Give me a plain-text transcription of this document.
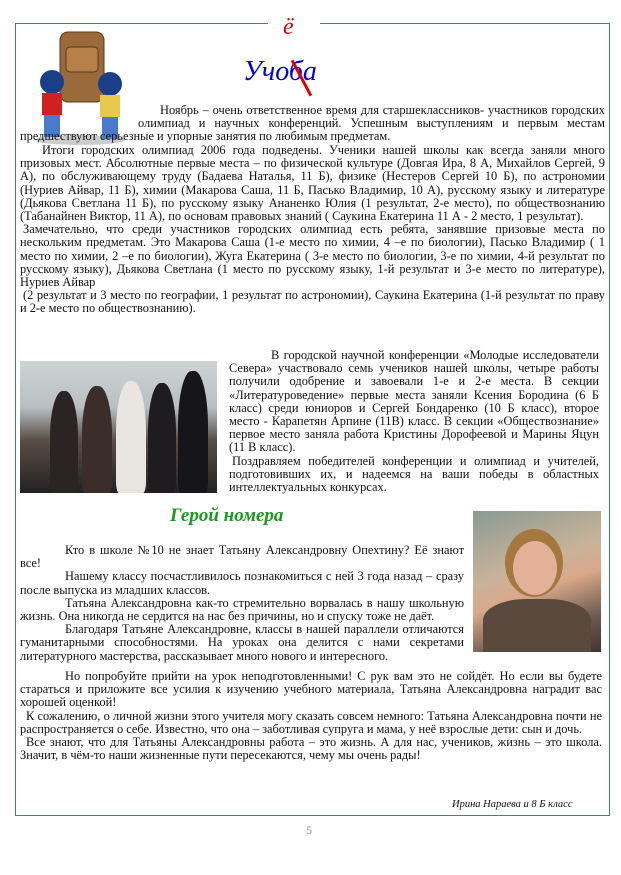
ё
Учоба

Ноябрь – очень ответственное время для старшеклассников- участников городских олимпиад и научных конференций. Успешным выступлениям и первым местам предшествуют серьезные и упорные занятия по любимым предметам.

Итоги городских олимпиад 2006 года подведены. Ученики нашей школы как всегда заняли много призовых мест. Абсолютные первые места – по физической культуре (Довгая Ира, 8 А, Михайлов Сергей, 9 А), по обслуживающему труду (Бадаева Наталья, 11 Б), физике (Нестеров Сергей 10 Б), по астрономии (Нуриев Айвар, 11 Б), химии (Макарова Саша, 11 Б, Пасько Владимир, 10 А), русскому языку и литературе (Дьякова Светлана 11 Б), по русскому языку Ананенко Юлия (1 результат, 2-е место), по обществознанию (Табанайнен Виктор, 11 А), по основам правовых знаний ( Саукина Екатерина 11 А - 2 место, 1 результат).

Замечательно, что среди участников городских олимпиад есть ребята, занявшие призовые места по нескольким предметам. Это Макарова Саша (1-е место по химии, 4 –е по биологии), Пасько Владимир ( 1 место по химии, 2 –е по биологии), Жуга Екатерина ( 3-е место по биологии, 3-е по химии, 4-й результат по русскому языку), Дьякова Светлана (1 место по русскому языку, 1-й результат и 3-е место по литературе), Нуриев Айвар

(2 результат и 3 место по географии, 1 результат по астрономии), Саукина Екатерина (1-й результат по праву и 2-е место по обществознанию).

В городской научной конференции «Молодые исследователи Севера» участвовало семь учеников нашей школы, четыре работы получили одобрение и завоевали 1-е и 2-е места. В секции «Литературоведение» первые места заняли Ксения Бородина (6 Б класс) среди юниоров и Сергей Бондаренко (10 Б класс), второе место - Карапетян Арпине (11В) класс. В секции «Обществознание» первое место заняла работа Кристины Дорофеевой и Марины Яцун (11 В класс).

Поздравляем победителей конференции и олимпиад и учителей, подготовивших их, и надеемся на ваши победы в областных интеллектуальных конкурсах.

Герой номера

Кто в школе №10 не знает Татьяну Александровну Опехтину? Её знают все!

Нашему классу посчастливилось познакомиться с ней 3 года назад – сразу после выпуска из младших классов.

Татьяна Александровна как-то стремительно ворвалась в нашу школьную жизнь. Она никогда не сердится на нас без причины, но и спуску тоже не даёт.

Благодаря Татьяне Александровне, классы в нашей параллели отличаются гуманитарными способностями. На уроках она делится с нами секретами литературного мастерства, рассказывает много нового и интересного.

Но попробуйте прийти на урок неподготовленными! С рук вам это не сойдёт. Но если вы будете стараться и приложите все усилия к изучению учебного материала, Татьяна Александровна наградит вас хорошей оценкой!

К сожалению, о личной жизни этого учителя могу сказать совсем немного: Татьяна Александровна почти не распространяется о себе. Известно, что она – заботливая супруга и мама, у неё взрослые дети: сын и дочь.

Все знают, что для Татьяны Александровны работа – это жизнь. А для нас, учеников, жизнь – это школа. Значит, в чём-то наши жизненные пути пересекаются, чему мы очень рады!

Ирина Нараева и 8 Б класс
5
